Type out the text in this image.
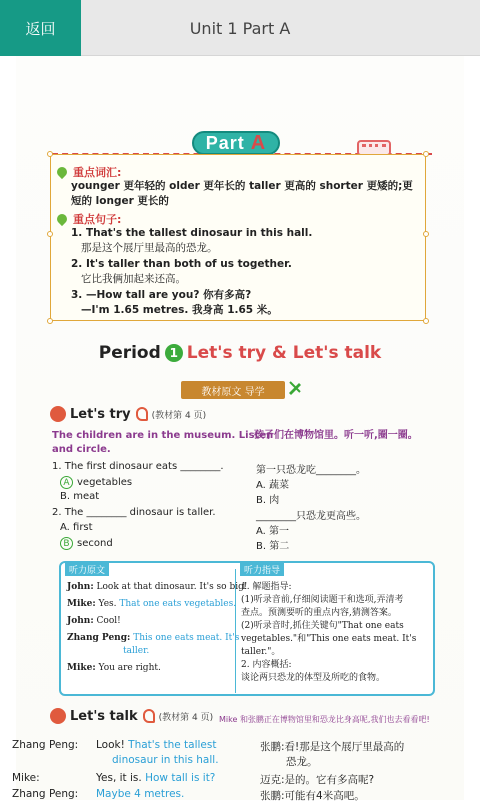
返回	Unit 1 Part A
Part A
重点词汇:
younger 更年轻的 older 更年长的 taller 更高的 shorter 更矮的;更
短的 longer 更长的
重点句子:
1. That's the tallest dinosaur in this hall.
那是这个展厅里最高的恐龙。
2. It's taller than both of us together.
它比我俩加起来还高。
3. —How tall are you? 你有多高?
—I'm 1.65 metres. 我身高 1.65 米。
Period 1 Let's try & Let's talk
教材原文 导学
Let's try (教材第 4 页)
The children are in the museum. Listen
and circle.
孩子们在博物馆里。听一听,圈一圈。
1. The first dinosaur eats ________.	第一只恐龙吃________。
A vegetables	A. 蔬菜
B. meat	B. 肉
2. The ________ dinosaur is taller.	________只恐龙更高些。
A. first	A. 第一
B second	B. 第二
听力原文	听力指导
John: Look at that dinosaur. It's so big!
Mike: Yes. That one eats vegetables.
John: Cool!
Zhang Peng: This one eats meat. It's
taller.
Mike: You are right.
1. 解题指导:
(1)听录音前,仔细阅读题干和选项,弄清考
查点。预测要听的重点内容,猜测答案。
(2)听录音时,抓住关键句"That one eats
vegetables."和"This one eats meat. It's
taller."。
2. 内容概括:
谈论两只恐龙的体型及所吃的食物。
Let's talk (教材第 4 页) Mike 和张鹏正在博物馆里和恐龙比身高呢,我们也去看看吧!
Zhang Peng: Look! That's the tallest
dinosaur in this hall.
张鹏:看!那是这个展厅里最高的
恐龙。
Mike:	Yes, it is. How tall is it?	迈克:是的。它有多高呢?
Zhang Peng: Maybe 4 metres.	张鹏:可能有4米高吧。
